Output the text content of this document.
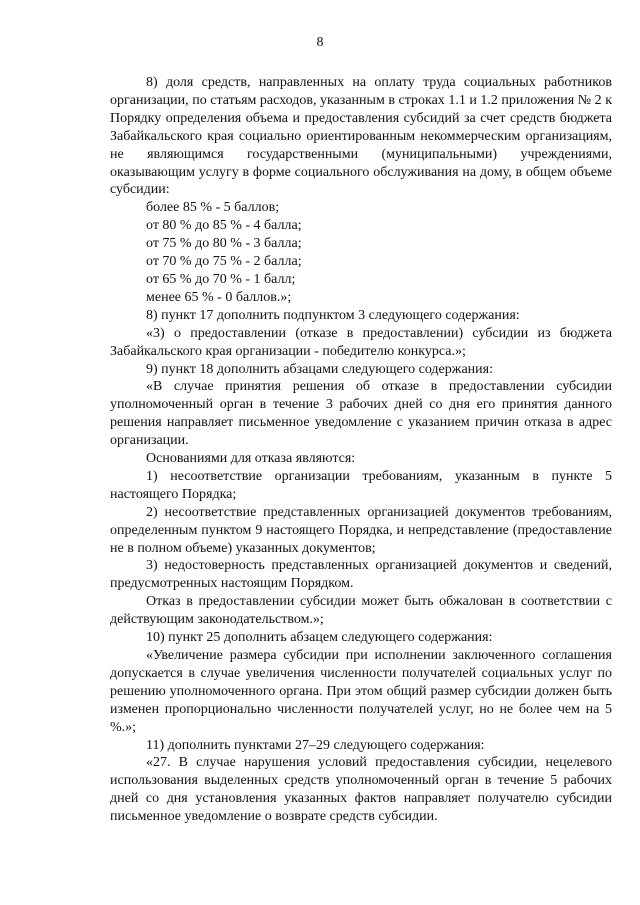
8

8) доля средств, направленных на оплату труда социальных работников организации, по статьям расходов, указанным в строках 1.1 и 1.2 приложения № 2 к Порядку определения объема и предоставления субсидий за счет средств бюджета Забайкальского края социально ориентированным некоммерческим организациям, не являющимся государственными (муниципальными) учреждениями, оказывающим услугу в форме социального обслуживания на дому, в общем объеме субсидии:

более 85 % - 5 баллов;

от 80 % до 85 % - 4 балла;

от 75 % до 80 % - 3 балла;

от 70 % до 75 % - 2 балла;

от 65 % до 70 % - 1 балл;

менее 65 % - 0 баллов.»;

8) пункт 17 дополнить подпунктом 3 следующего содержания:

«3) о предоставлении (отказе в предоставлении) субсидии из бюджета Забайкальского края организации - победителю конкурса.»;

9) пункт 18 дополнить абзацами следующего содержания:

«В случае принятия решения об отказе в предоставлении субсидии уполномоченный орган в течение 3 рабочих дней со дня его принятия данного решения направляет письменное уведомление с указанием причин отказа в адрес организации.

Основаниями для отказа являются:

1) несоответствие организации требованиям, указанным в пункте 5 настоящего Порядка;

2) несоответствие представленных организацией документов требованиям, определенным пунктом 9 настоящего Порядка, и непредставление (предоставление не в полном объеме) указанных документов;

3) недостоверность представленных организацией документов и сведений, предусмотренных настоящим Порядком.

Отказ в предоставлении субсидии может быть обжалован в соответствии с действующим законодательством.»;

10) пункт 25 дополнить абзацем следующего содержания:

«Увеличение размера субсидии при исполнении заключенного соглашения допускается в случае увеличения численности получателей социальных услуг по решению уполномоченного органа. При этом общий размер субсидии должен быть изменен пропорционально численности получателей услуг, но не более чем на 5 %.»;

11) дополнить пунктами 27–29 следующего содержания:

«27. В случае нарушения условий предоставления субсидии, нецелевого использования выделенных средств уполномоченный орган в течение 5 рабочих дней со дня установления указанных фактов направляет получателю субсидии письменное уведомление о возврате средств субсидии.
